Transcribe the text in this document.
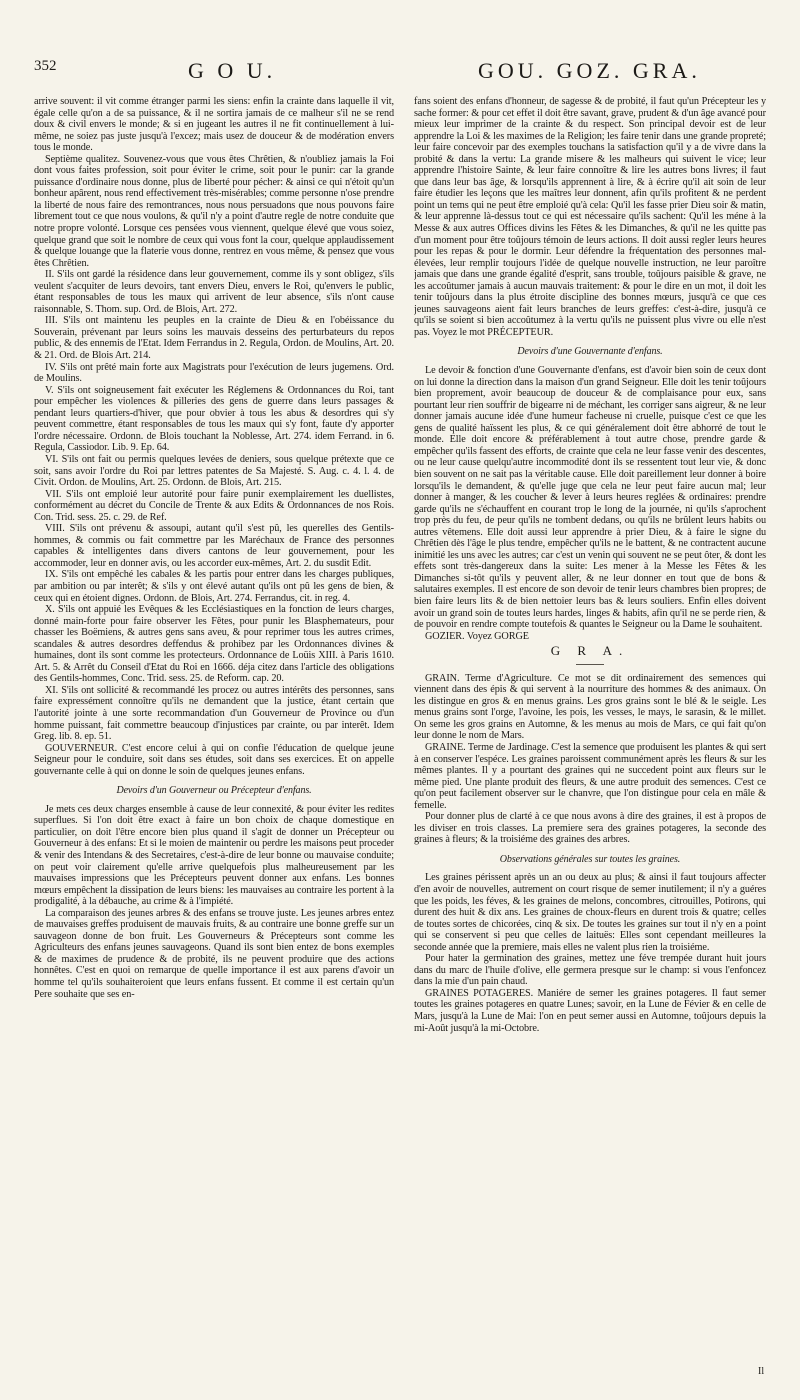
352	G O U.	GOU. GOZ. GRA.

arrive souvent: il vit comme étranger parmi les siens: enfin la crainte dans laquelle il vit, égale celle qu'on a de sa puissance, & il ne sortira jamais de ce malheur s'il ne se rend doux & civil envers le monde; & si en jugeant les autres il ne fit continuellement à lui-même, ne soiez pas juste jusqu'à l'excez; mais usez de douceur & de modération envers tous le monde.

Septième qualitez. Souvenez-vous que vous êtes Chrêtien, & n'oubliez jamais la Foi dont vous faites profession, soit pour éviter le crime, soit pour le punir: car la grande puissance d'ordinaire nous donne, plus de liberté pour pécher: & ainsi ce qui n'étoit qu'un bonheur apârent, nous rend effectivement très-misérables; comme personne n'ose prendre la liberté de nous faire des remontrances, nous nous persuadons que nous pouvons faire librement tout ce que nous voulons, & qu'il n'y a point d'autre regle de notre conduite que notre propre volonté. Lorsque ces pensées vous viennent, quelque élevé que vous soiez, quelque grand que soit le nombre de ceux qui vous font la cour, quelque applaudissement & quelque louange que la flaterie vous donne, rentrez en vous même, & pensez que vous êtes Chrêtien.

II. S'ils ont gardé la résidence dans leur gouvernement, comme ils y sont obligez, s'ils veulent s'acquiter de leurs devoirs, tant envers Dieu, envers le Roi, qu'envers le public, étant responsables de tous les maux qui arrivent de leur absence, s'ils n'ont cause raisonnable, S. Thom. sup. Ord. de Blois, Art. 272.

III. S'ils ont maintenu les peuples en la crainte de Dieu & en l'obéissance du Souverain, prévenant par leurs soins les mauvais desseins des perturbateurs du repos public, & des ennemis de l'Etat. Idem Ferrandus in 2. Regula, Ordon. de Moulins, Art. 20. & 21. Ord. de Blois Art. 214.

IV. S'ils ont prêté main forte aux Magistrats pour l'exécution de leurs jugemens. Ord. de Moulins.

V. S'ils ont soigneusement fait exécuter les Réglemens & Ordonnances du Roi, tant pour empêcher les violences & pilleries des gens de guerre dans leurs passages & pendant leurs quartiers-d'hiver, que pour obvier à tous les abus & desordres qui s'y peuvent commettre, étant responsables de tous les maux qui s'y font, faute d'y apporter l'ordre nécessaire. Ordonn. de Blois touchant la Noblesse, Art. 274. idem Ferrand. in 6. Regula, Cassiodor. Lib. 9. Ep. 64.

VI. S'ils ont fait ou permis quelques levées de deniers, sous quelque prétexte que ce soit, sans avoir l'ordre du Roi par lettres patentes de Sa Majesté. S. Aug. c. 4. l. 4. de Civit. Ordon. de Moulins, Art. 25. Ordonn. de Blois, Art. 215.

VII. S'ils ont emploié leur autorité pour faire punir exemplairement les duellistes, conformément au décret du Concile de Trente & aux Edits & Ordonnances de nos Rois. Con. Trid. sess. 25. c. 29. de Ref.

VIII. S'ils ont prévenu & assoupi, autant qu'il s'est pû, les querelles des Gentils-hommes, & commis ou fait commettre par les Maréchaux de France des personnes capables & intelligentes dans divers cantons de leur gouvernement, pour les accommoder, leur en donner avis, ou les accorder eux-mêmes, Art. 2. du susdit Edit.

IX. S'ils ont empêché les cabales & les partis pour entrer dans les charges publiques, par ambition ou par interêt; & s'ils y ont élevé autant qu'ils ont pû les gens de bien, & ceux qui en étoient dignes. Ordonn. de Blois, Art. 274. Ferrandus, cit. in reg. 4.

X. S'ils ont appuié les Evêques & les Ecclésiastiques en la fonction de leurs charges, donné main-forte pour faire observer les Fêtes, pour punir les Blasphemateurs, pour chasser les Boëmiens, & autres gens sans aveu, & pour reprimer tous les autres crimes, scandales & autres desordres deffendus & prohibez par les Ordonnances divines & humaines, dont ils sont comme les protecteurs. Ordonnance de Loüis XIII. à Paris 1610. Art. 5. & Arrêt du Conseil d'Etat du Roi en 1666. déja citez dans l'article des obligations des Gentils-hommes, Conc. Trid. sess. 25. de Reform. cap. 20.

XI. S'ils ont sollicité & recommandé les procez ou autres intérêts des personnes, sans faire expressément connoître qu'ils ne demandent que la justice, étant certain que l'autorité jointe à une sorte recommandation d'un Gouverneur de Province ou d'un homme puissant, fait commettre beaucoup d'injustices par crainte, ou par interêt. Idem Greg. lib. 8. ep. 51.

GOUVERNEUR. C'est encore celui à qui on confie l'éducation de quelque jeune Seigneur pour le conduire, soit dans ses études, soit dans ses exercices. Et on appelle gouvernante celle à qui on donne le soin de quelques jeunes enfans.

Devoirs d'un Gouverneur ou Précepteur d'enfans.

Je mets ces deux charges ensemble à cause de leur connexité, & pour éviter les redites superflues. Si l'on doit être exact à faire un bon choix de chaque domestique en particulier, on doit l'être encore bien plus quand il s'agit de donner un Précepteur ou Gouverneur à des enfans: Et si le moien de maintenir ou perdre les maisons peut proceder & venir des Intendans & des Secretaires, c'est-à-dire de leur bonne ou mauvaise conduite; on peut voir clairement qu'elle arrive quelquefois plus malheureusement par les mauvaises impressions que les Précepteurs peuvent donner aux enfans. Les bonnes mœurs empêchent la dissipation de leurs biens: les mauvaises au contraire les portent à la prodigalité, à la débauche, au crime & à l'impiété.

La comparaison des jeunes arbres & des enfans se trouve juste. Les jeunes arbres entez de mauvaises greffes produisent de mauvais fruits, & au contraire une bonne greffe sur un sauvageon donne de bon fruit. Les Gouverneurs & Précepteurs sont comme les Agriculteurs des enfans jeunes sauvageons. Quand ils sont bien entez de bons exemples & de maximes de prudence & de probité, ils ne peuvent produire que des actions honnêtes. C'est en quoi on remarque de quelle importance il est aux parens d'avoir un homme tel qu'ils souhaiteroient que leurs enfans fussent. Et comme il est certain qu'un Pere souhaite que ses en-

fans soient des enfans d'honneur, de sagesse & de probité, il faut qu'un Précepteur les y sache former: & pour cet effet il doit être savant, grave, prudent & d'un âge avancé pour mieux leur imprimer de la crainte & du respect. Son principal devoir est de leur apprendre la Loi & les maximes de la Religion; les faire tenir dans une grande propreté; leur faire concevoir par des exemples touchans la satisfaction qu'il y a de vivre dans la probité & dans la vertu: La grande misere & les malheurs qui suivent le vice; leur apprendre l'histoire Sainte, & leur faire connoître & lire les autres bons livres; il faut que dans leur bas âge, & lorsqu'ils apprennent à lire, & à écrire qu'il ait soin de leur faire étudier les leçons que les maîtres leur donnent, afin qu'ils profitent & ne perdent point un tems qui ne peut être emploié qu'à cela: Qu'il les fasse prier Dieu soir & matin, & leur apprenne là-dessus tout ce qui est nécessaire qu'ils sachent: Qu'il les méne à la Messe & aux autres Offices divins les Fêtes & les Dimanches, & qu'il ne les quitte pas d'un moment pour être toûjours témoin de leurs actions. Il doit aussi regler leurs heures pour les repas & pour le dormir. Leur défendre la fréquentation des personnes mal-élevées, leur remplir toujours l'idée de quelque nouvelle instruction, ne leur paroître jamais que dans une grande égalité d'esprit, sans trouble, toûjours paisible & grave, ne les accoûtumer jamais à aucun mauvais traitement: & pour le dire en un mot, il doit les tenir toûjours dans la plus étroite discipline des bonnes mœurs, jusqu'à ce que ces jeunes sauvageons aient fait leurs branches de leurs greffes: c'est-à-dire, jusqu'à ce qu'ils se soient si bien accoûtumez à la vertu qu'ils ne puissent plus vivre ou elle n'est pas. Voyez le mot PRÉCEPTEUR.

Devoirs d'une Gouvernante d'enfans.

Le devoir & fonction d'une Gouvernante d'enfans, est d'avoir bien soin de ceux dont on lui donne la direction dans la maison d'un grand Seigneur. Elle doit les tenir toûjours bien proprement, avoir beaucoup de douceur & de complaisance pour eux, sans pourtant leur rien souffrir de bigearre ni de méchant, les corriger sans aigreur, & ne leur donner jamais aucune idée d'une humeur facheuse ni cruelle, puisque c'est ce que les gens de qualité haïssent les plus, & ce qui généralement doit être abhorré de tout le monde. Elle doit encore & préférablement à tout autre chose, prendre garde & empêcher qu'ils fassent des efforts, de crainte que cela ne leur fasse venir des descentes, ou ne leur cause quelqu'autre incommodité dont ils se ressentent tout leur vie, & donc bien souvent on ne sait pas la véritable cause. Elle doit pareillement leur donner à boire lorsqu'ils le demandent, & qu'elle juge que cela ne leur peut faire aucun mal; leur donner à manger, & les coucher & lever à leurs heures reglées & ordinaires: prendre garde qu'ils ne s'échauffent en courant trop le long de la journée, ni qu'ils s'aprochent trop près du feu, de peur qu'ils ne tombent dedans, ou qu'ils ne brûlent leurs habits ou autres vêtemens. Elle doit aussi leur apprendre à prier Dieu, & à faire le signe du Chrêtien dès l'âge le plus tendre, empêcher qu'ils ne le battent, & ne contractent aucune inimitié les uns avec les autres; car c'est un venin qui souvent ne se peut ôter, & dont les effets sont très-dangereux dans la suite: Les mener à la Messe les Fêtes & les Dimanches si-tôt qu'ils y peuvent aller, & ne leur donner en tout que de bons & salutaires exemples. Il est encore de son devoir de tenir leurs chambres bien propres; de bien faire leurs lits & de bien nettoier leurs bas & leurs souliers. Enfin elles doivent avoir un grand soin de toutes leurs hardes, linges & habits, afin qu'il ne se perde rien, & de pouvoir en rendre compte toutefois & quantes le Seigneur ou la Dame le souhaitent.

GOZIER. Voyez GORGE

G R A.

GRAIN. Terme d'Agriculture. Ce mot se dit ordinairement des semences qui viennent dans des épis & qui servent à la nourriture des hommes & des animaux. On les distingue en gros & en menus grains. Les gros grains sont le blé & le seigle. Les menus grains sont l'orge, l'avoine, les pois, les vesses, le mays, le sarasin, & le millet. On seme les gros grains en Automne, & les menus au mois de Mars, ce qui fait qu'on leur donne le nom de Mars.

GRAINE. Terme de Jardinage. C'est la semence que produisent les plantes & qui sert à en conserver l'espéce. Les graines paroissent communément après les fleurs & sur les mêmes plantes. Il y a pourtant des graines qui ne succedent point aux fleurs sur le même pied. Une plante produit des fleurs, & une autre produit des semences. C'est ce qu'on peut facilement observer sur le chanvre, que l'on distingue pour cela en mâle & femelle.

Pour donner plus de clarté à ce que nous avons à dire des graines, il est à propos de les diviser en trois classes. La premiere sera des graines potageres, la seconde des graines à fleurs; & la troisiéme des graines des arbres.

Observations générales sur toutes les graines.

Les graines périssent après un an ou deux au plus; & ainsi il faut toujours affecter d'en avoir de nouvelles, autrement on court risque de semer inutilement; il n'y a guéres que les poids, les féves, & les graines de melons, concombres, citrouilles, Potirons, qui durent des huit & dix ans. Les graines de choux-fleurs en durent trois & quatre; celles de toutes sortes de chicorées, cinq & six. De toutes les graines sur tout il n'y en a point qui se conservent si peu que celles de laituës: Elles sont cependant meilleures la seconde année que la premiere, mais elles ne valent plus rien la troisiéme.

Pour hater la germination des graines, mettez une féve trempée durant huit jours dans du marc de l'huile d'olive, elle germera presque sur le champ: si vous l'enfoncez dans la mie d'un pain chaud.

GRAINES POTAGERES. Maniére de semer les graines potageres. Il faut semer toutes les graines potageres en quatre Lunes; savoir, en la Lune de Févier & en celle de Mars, jusqu'à la Lune de Mai: l'on en peut semer aussi en Automne, toûjours depuis la mi-Août jusqu'à la mi-Octobre.

Il
